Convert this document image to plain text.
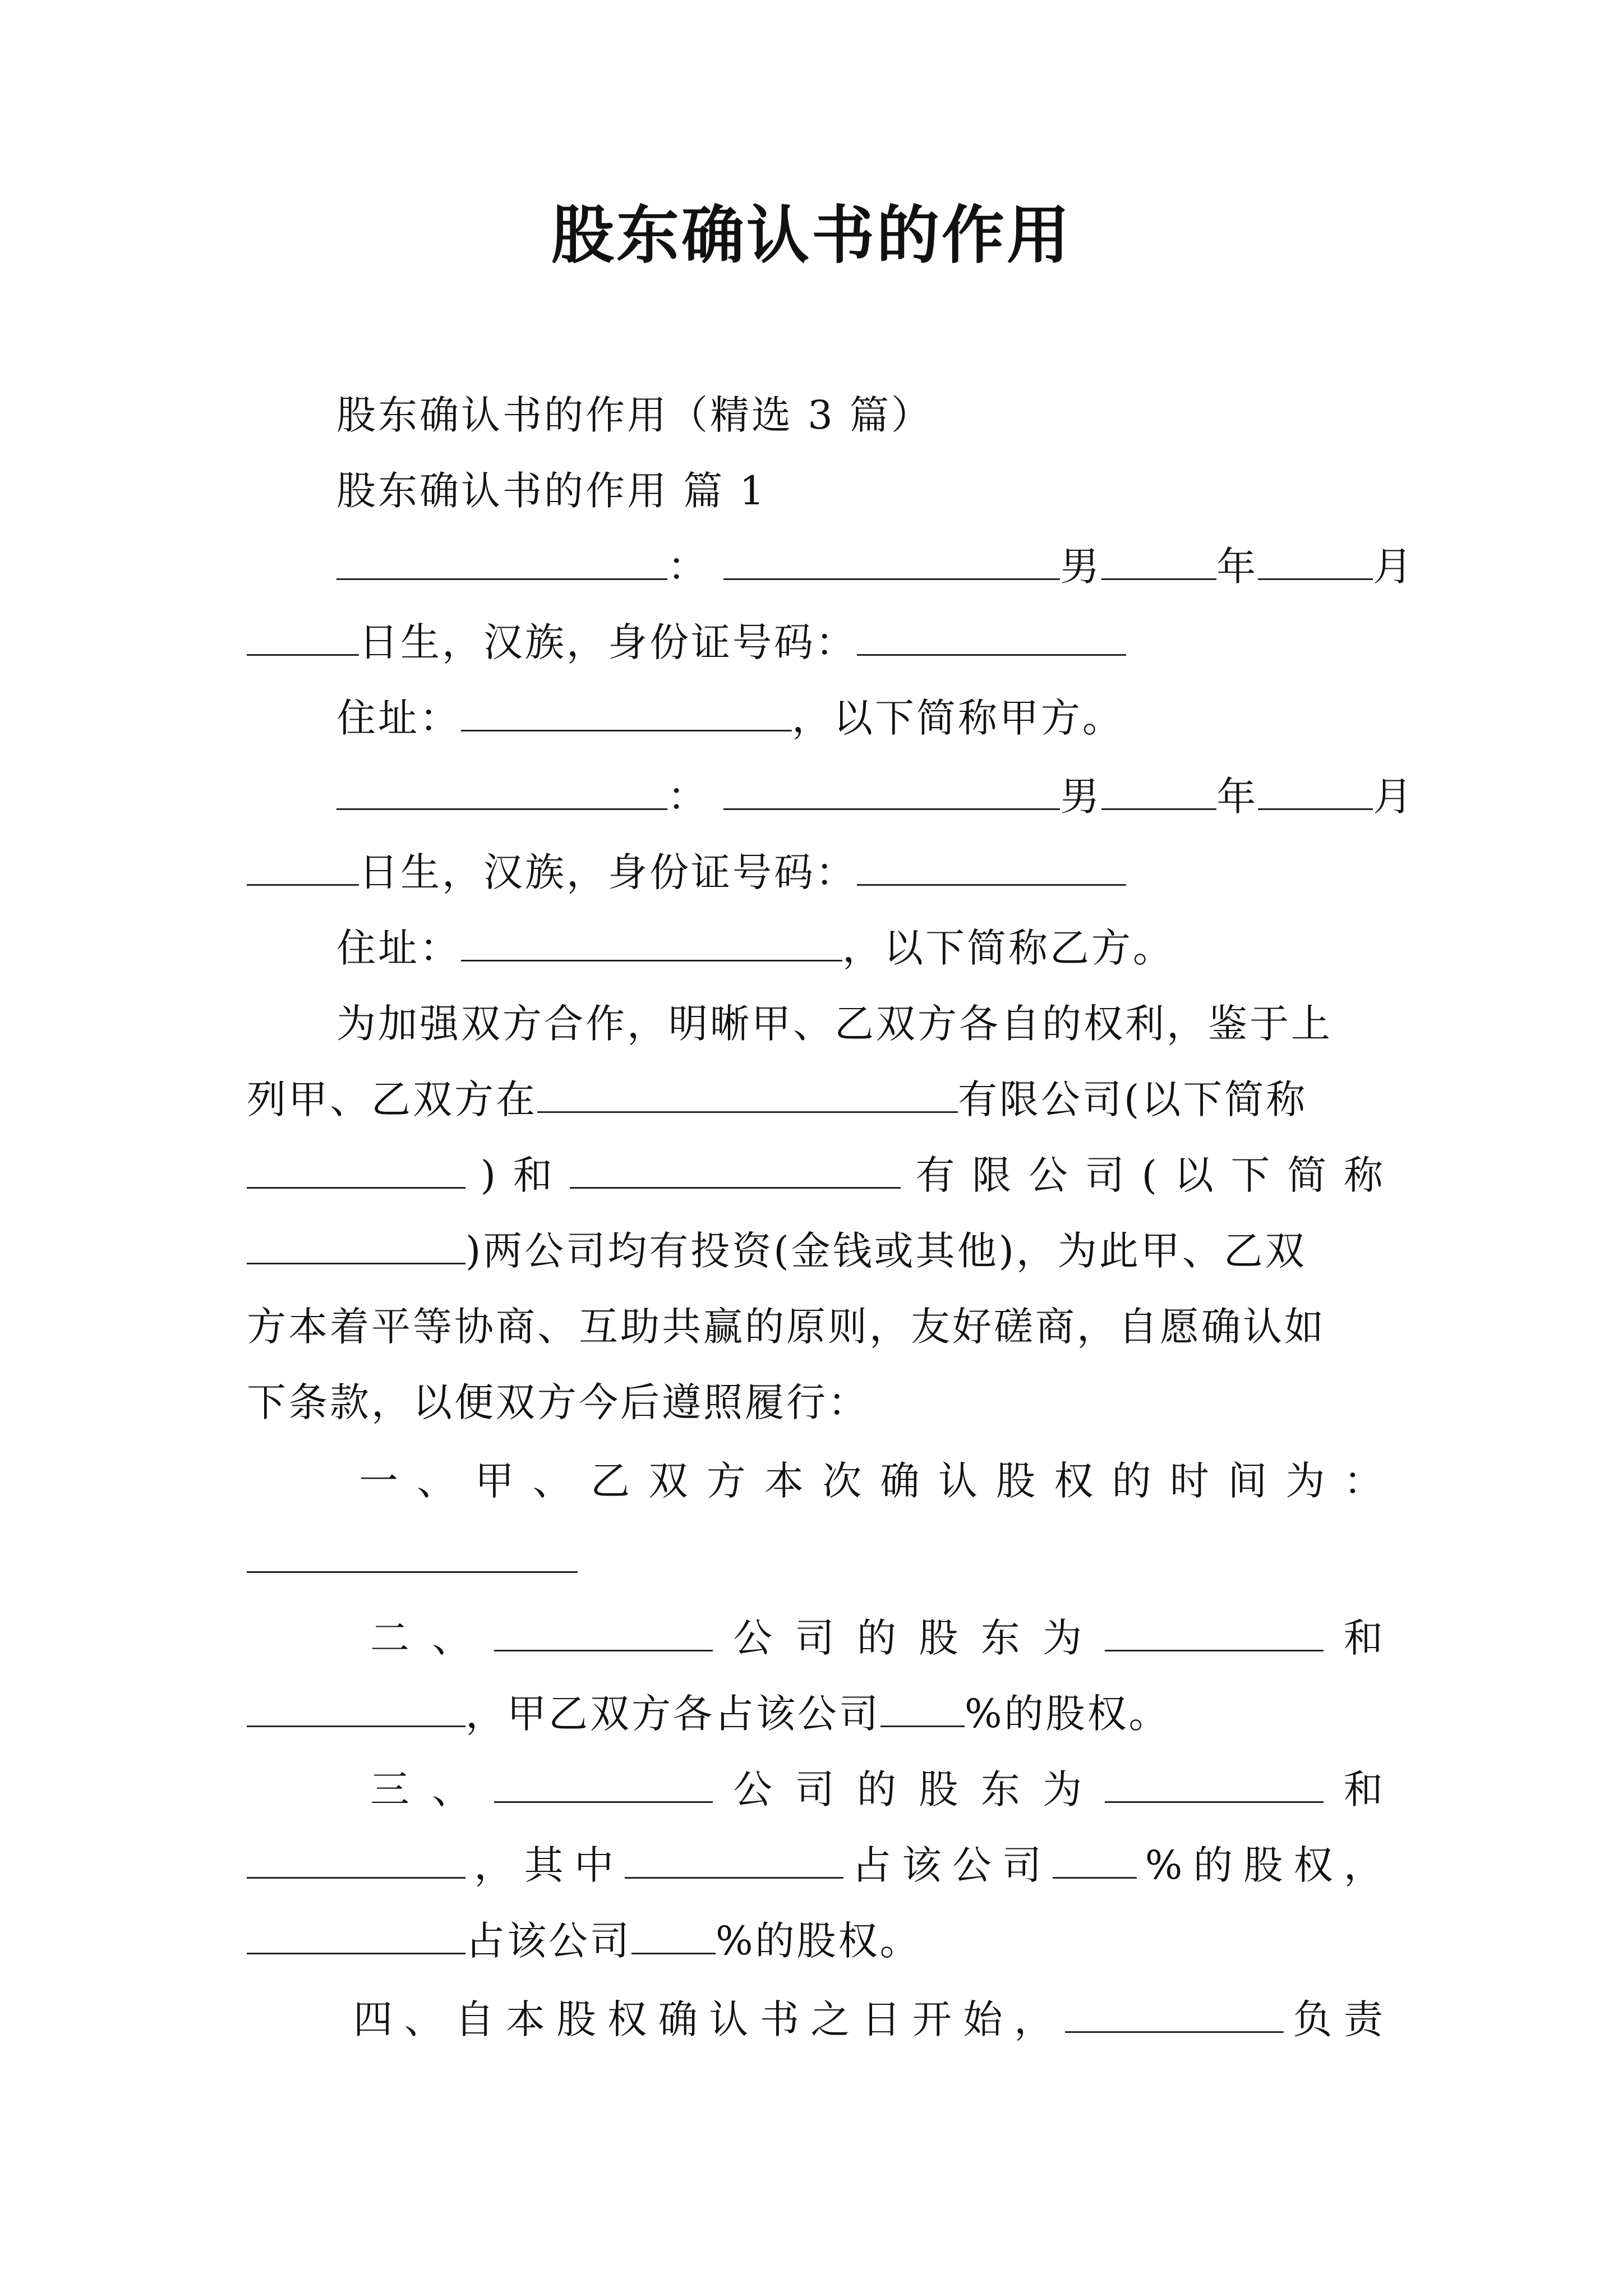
股东确认书的作用
股东确认书的作用（精选 3 篇）
股东确认书的作用 篇 1
：	男	年	月
日生，汉族，身份证号码：
住址：	，以下简称甲方。
：	男	年	月
日生，汉族，身份证号码：
住址：	，以下简称乙方。
为加强双方合作，明晰甲、乙双方各自的权利，鉴于上
列甲、乙双方在	有限公司(以下简称
) 和	有 限 公 司 ( 以 下 简 称
)两公司均有投资(金钱或其他)，为此甲、乙双
方本着平等协商、互助共赢的原则，友好磋商，自愿确认如
下条款，以便双方今后遵照履行：
一 、 甲 、 乙 双 方 本 次 确 认 股 权 的 时 间 为 ：
二 、	公 司 的 股 东 为	和
，甲乙双方各占该公司 %的股权。
三 、	公 司 的 股 东 为	和
， 其 中	占 该 公 司	% 的 股 权 ，
占该公司 %的股权。
四 、 自 本 股 权 确 认 书 之 日 开 始 ，	负 责
